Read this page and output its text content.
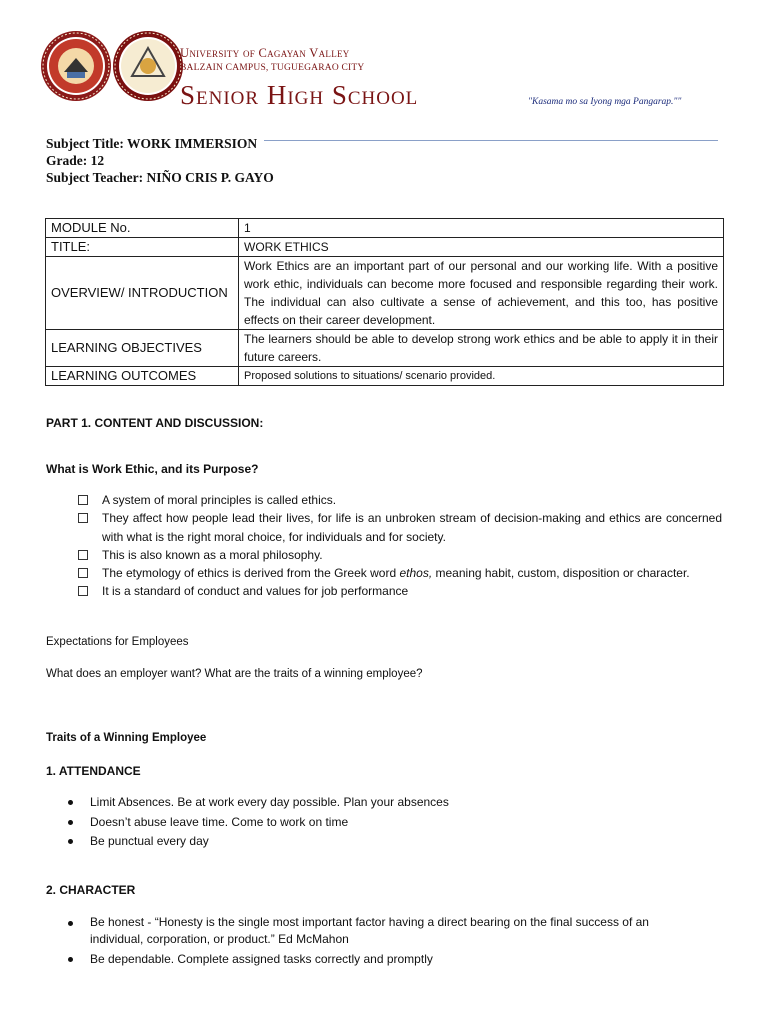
University of Cagayan Valley
BALZAIN CAMPUS, TUGUEGARAO CITY
Senior High School	"Kasama mo sa Iyong mga Pangarap.""
Subject Title: WORK IMMERSION
Grade: 12
Subject Teacher: NIÑO CRIS P. GAYO
MODULE No.	1
TITLE:	WORK ETHICS
OVERVIEW/ INTRODUCTION	Work Ethics are an important part of our personal and our working life. With a positive work ethic, individuals can become more focused and responsible regarding their work. The individual can also cultivate a sense of achievement, and this too, has positive effects on their career development.
LEARNING OBJECTIVES	The learners should be able to develop strong work ethics and be able to apply it in their future careers.
LEARNING OUTCOMES	Proposed solutions to situations/ scenario provided.
PART 1. CONTENT AND DISCUSSION:
What is Work Ethic, and its Purpose?
A system of moral principles is called ethics.
They affect how people lead their lives, for life is an unbroken stream of decision-making and ethics are concerned with what is the right moral choice, for individuals and for society.
This is also known as a moral philosophy.
The etymology of ethics is derived from the Greek word ethos, meaning habit, custom, disposition or character.
It is a standard of conduct and values for job performance
Expectations for Employees
What does an employer want? What are the traits of a winning employee?
Traits of a Winning Employee
1. ATTENDANCE
Limit Absences. Be at work every day possible. Plan your absences
Doesn’t abuse leave time. Come to work on time
Be punctual every day
2. CHARACTER
Be honest - “Honesty is the single most important factor having a direct bearing on the final success of an individual, corporation, or product.” Ed McMahon
Be dependable. Complete assigned tasks correctly and promptly
